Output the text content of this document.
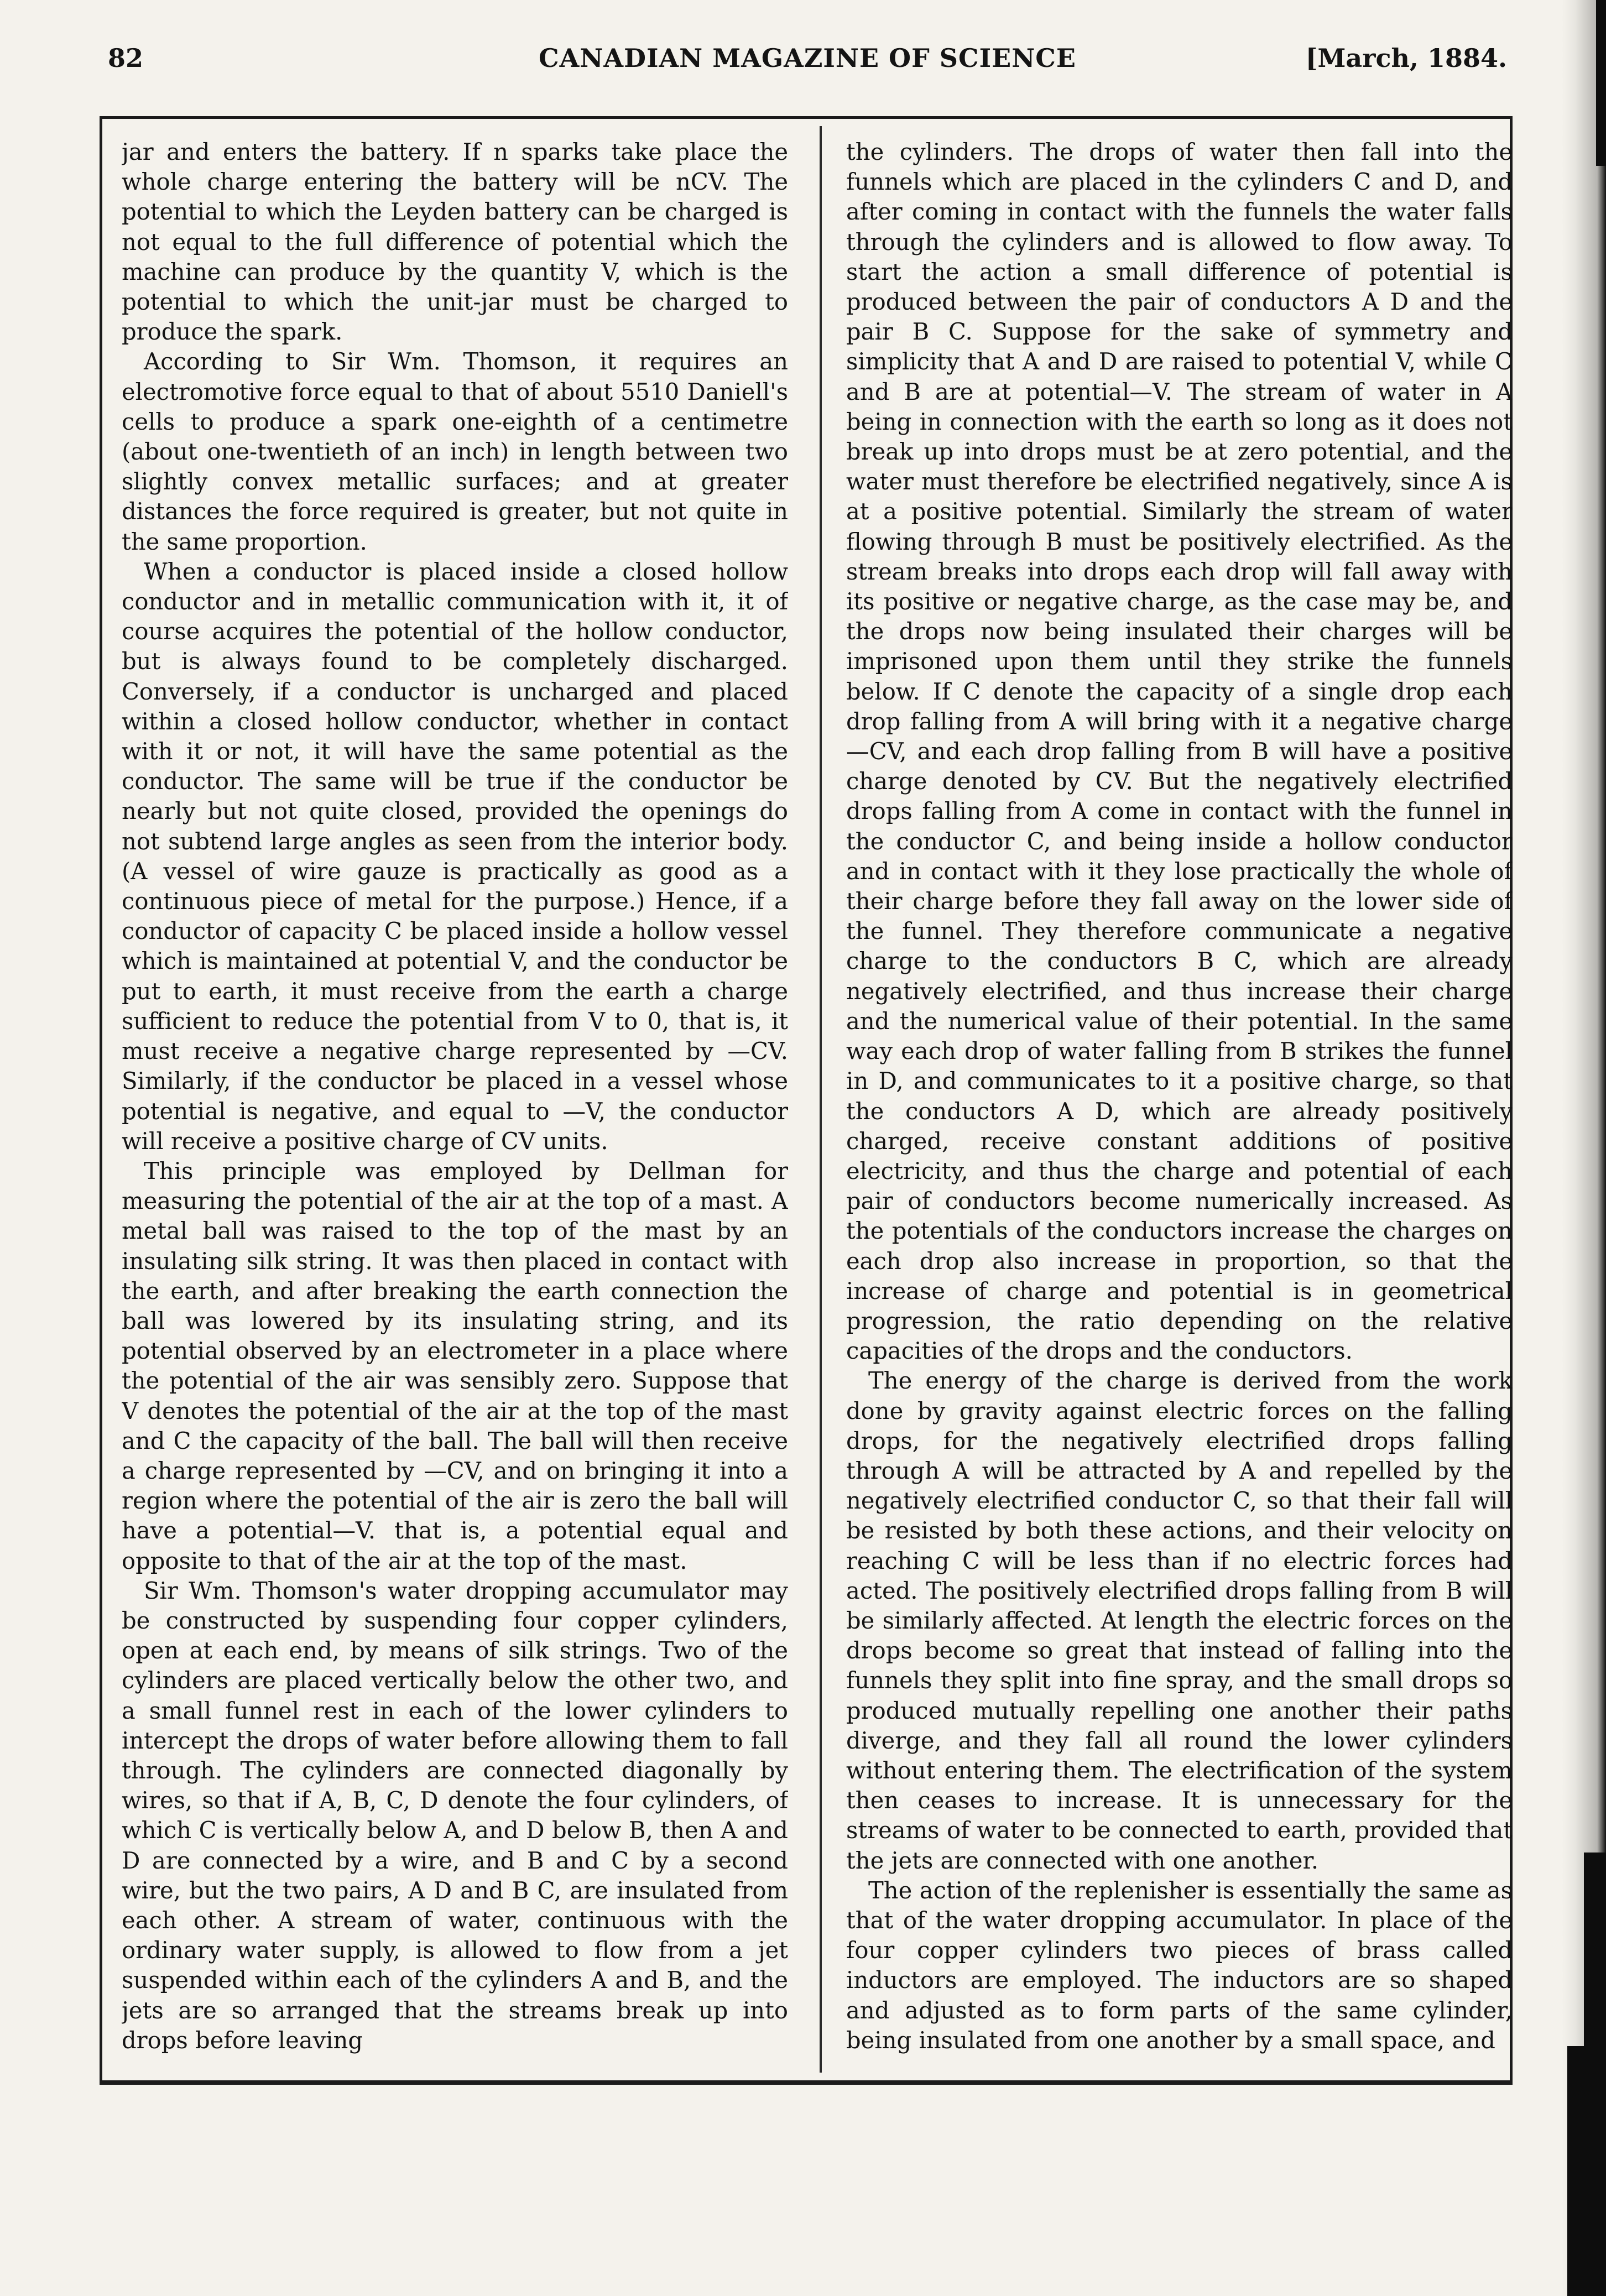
CANADIAN MAGAZINE OF SCIENCE
82	[March, 1884.

jar and enters the battery. If n sparks take place the whole charge entering the battery will be nCV. The potential to which the Leyden battery can be charged is not equal to the full difference of potential which the machine can produce by the quantity V, which is the potential to which the unit-jar must be charged to produce the spark.

According to Sir Wm. Thomson, it requires an electromotive force equal to that of about 5510 Daniell's cells to produce a spark one-eighth of a centimetre (about one-twentieth of an inch) in length between two slightly convex metallic surfaces; and at greater distances the force required is greater, but not quite in the same proportion.

When a conductor is placed inside a closed hollow conductor and in metallic communication with it, it of course acquires the potential of the hollow conductor, but is always found to be completely discharged. Conversely, if a conductor is uncharged and placed within a closed hollow conductor, whether in contact with it or not, it will have the same potential as the conductor. The same will be true if the conductor be nearly but not quite closed, provided the openings do not subtend large angles as seen from the interior body. (A vessel of wire gauze is practically as good as a continuous piece of metal for the purpose.) Hence, if a conductor of capacity C be placed inside a hollow vessel which is maintained at potential V, and the conductor be put to earth, it must receive from the earth a charge sufficient to reduce the potential from V to 0, that is, it must receive a negative charge represented by —CV. Similarly, if the conductor be placed in a vessel whose potential is negative, and equal to —V, the conductor will receive a positive charge of CV units.

This principle was employed by Dellman for measuring the potential of the air at the top of a mast. A metal ball was raised to the top of the mast by an insulating silk string. It was then placed in contact with the earth, and after breaking the earth connection the ball was lowered by its insulating string, and its potential observed by an electrometer in a place where the potential of the air was sensibly zero. Suppose that V denotes the potential of the air at the top of the mast and C the capacity of the ball. The ball will then receive a charge represented by —CV, and on bringing it into a region where the potential of the air is zero the ball will have a potential—V. that is, a potential equal and opposite to that of the air at the top of the mast.

Sir Wm. Thomson's water dropping accumulator may be constructed by suspending four copper cylinders, open at each end, by means of silk strings. Two of the cylinders are placed vertically below the other two, and a small funnel rest in each of the lower cylinders to intercept the drops of water before allowing them to fall through. The cylinders are connected diagonally by wires, so that if A, B, C, D denote the four cylinders, of which C is vertically below A, and D below B, then A and D are connected by a wire, and B and C by a second wire, but the two pairs, A D and B C, are insulated from each other. A stream of water, continuous with the ordinary water supply, is allowed to flow from a jet suspended within each of the cylinders A and B, and the jets are so arranged that the streams break up into drops before leaving

the cylinders. The drops of water then fall into the funnels which are placed in the cylinders C and D, and after coming in contact with the funnels the water falls through the cylinders and is allowed to flow away. To start the action a small difference of potential is produced between the pair of conductors A D and the pair B C. Suppose for the sake of symmetry and simplicity that A and D are raised to potential V, while C and B are at potential—V. The stream of water in A being in connection with the earth so long as it does not break up into drops must be at zero potential, and the water must therefore be electrified negatively, since A is at a positive potential. Similarly the stream of water flowing through B must be positively electrified. As the stream breaks into drops each drop will fall away with its positive or negative charge, as the case may be, and the drops now being insulated their charges will be imprisoned upon them until they strike the funnels below. If C denote the capacity of a single drop each drop falling from A will bring with it a negative charge —CV, and each drop falling from B will have a positive charge denoted by CV. But the negatively electrified drops falling from A come in contact with the funnel in the conductor C, and being inside a hollow conductor and in contact with it they lose practically the whole of their charge before they fall away on the lower side of the funnel. They therefore communicate a negative charge to the conductors B C, which are already negatively electrified, and thus increase their charge and the numerical value of their potential. In the same way each drop of water falling from B strikes the funnel in D, and communicates to it a positive charge, so that the conductors A D, which are already positively charged, receive constant additions of positive electricity, and thus the charge and potential of each pair of conductors become numerically increased. As the potentials of the conductors increase the charges on each drop also increase in proportion, so that the increase of charge and potential is in geometrical progression, the ratio depending on the relative capacities of the drops and the conductors.

The energy of the charge is derived from the work done by gravity against electric forces on the falling drops, for the negatively electrified drops falling through A will be attracted by A and repelled by the negatively electrified conductor C, so that their fall will be resisted by both these actions, and their velocity on reaching C will be less than if no electric forces had acted. The positively electrified drops falling from B will be similarly affected. At length the electric forces on the drops become so great that instead of falling into the funnels they split into fine spray, and the small drops so produced mutually repelling one another their paths diverge, and they fall all round the lower cylinders without entering them. The electrification of the system then ceases to increase. It is unnecessary for the streams of water to be connected to earth, provided that the jets are connected with one another.

The action of the replenisher is essentially the same as that of the water dropping accumulator. In place of the four copper cylinders two pieces of brass called inductors are employed. The inductors are so shaped and adjusted as to form parts of the same cylinder, being insulated from one another by a small space, and
